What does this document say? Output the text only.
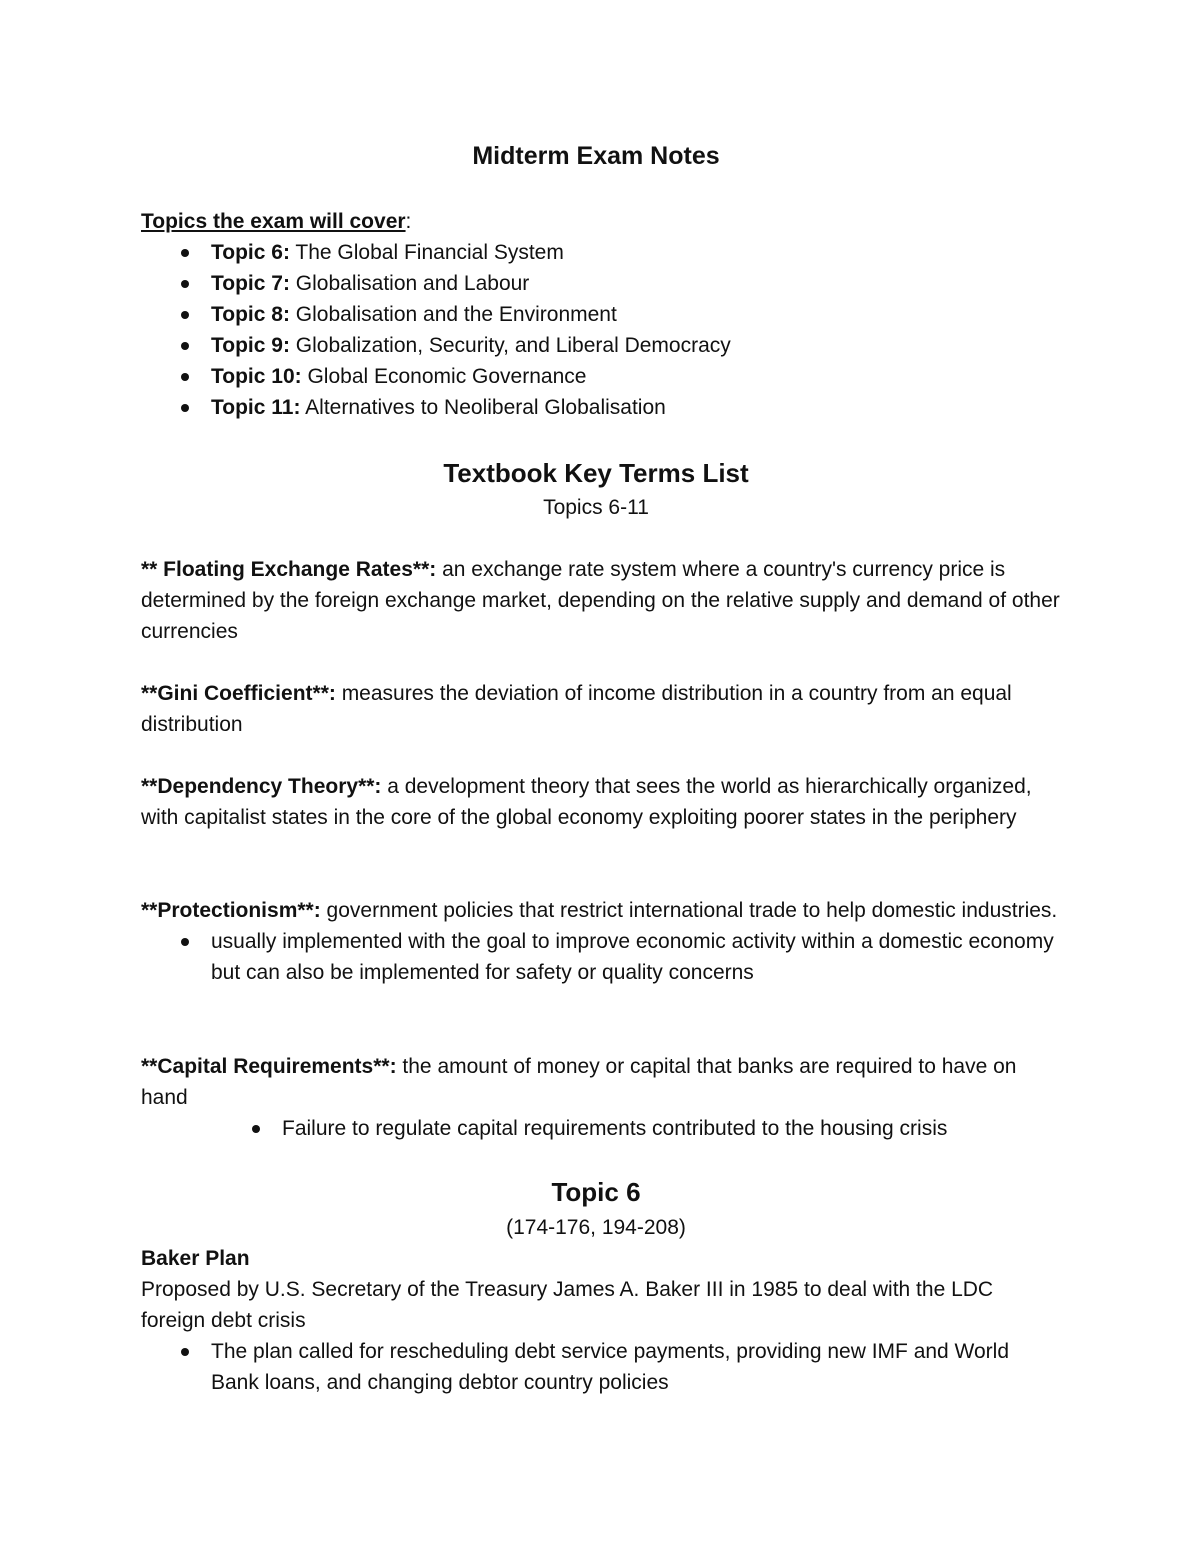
Midterm Exam Notes
Topics the exam will cover:
Topic 6: The Global Financial System
Topic 7: Globalisation and Labour
Topic 8: Globalisation and the Environment
Topic 9: Globalization, Security, and Liberal Democracy
Topic 10: Global Economic Governance
Topic 11: Alternatives to Neoliberal Globalisation
Textbook Key Terms List
Topics 6-11
** Floating Exchange Rates**: an exchange rate system where a country's currency price is determined by the foreign exchange market, depending on the relative supply and demand of other currencies
**Gini Coefficient**: measures the deviation of income distribution in a country from an equal distribution
**Dependency Theory**: a development theory that sees the world as hierarchically organized, with capitalist states in the core of the global economy exploiting poorer states in the periphery
**Protectionism**: government policies that restrict international trade to help domestic industries.
usually implemented with the goal to improve economic activity within a domestic economy but can also be implemented for safety or quality concerns
**Capital Requirements**: the amount of money or capital that banks are required to have on hand
Failure to regulate capital requirements contributed to the housing crisis
Topic 6
(174-176, 194-208)
Baker Plan
Proposed by U.S. Secretary of the Treasury James A. Baker III in 1985 to deal with the LDC foreign debt crisis
The plan called for rescheduling debt service payments, providing new IMF and World Bank loans, and changing debtor country policies
